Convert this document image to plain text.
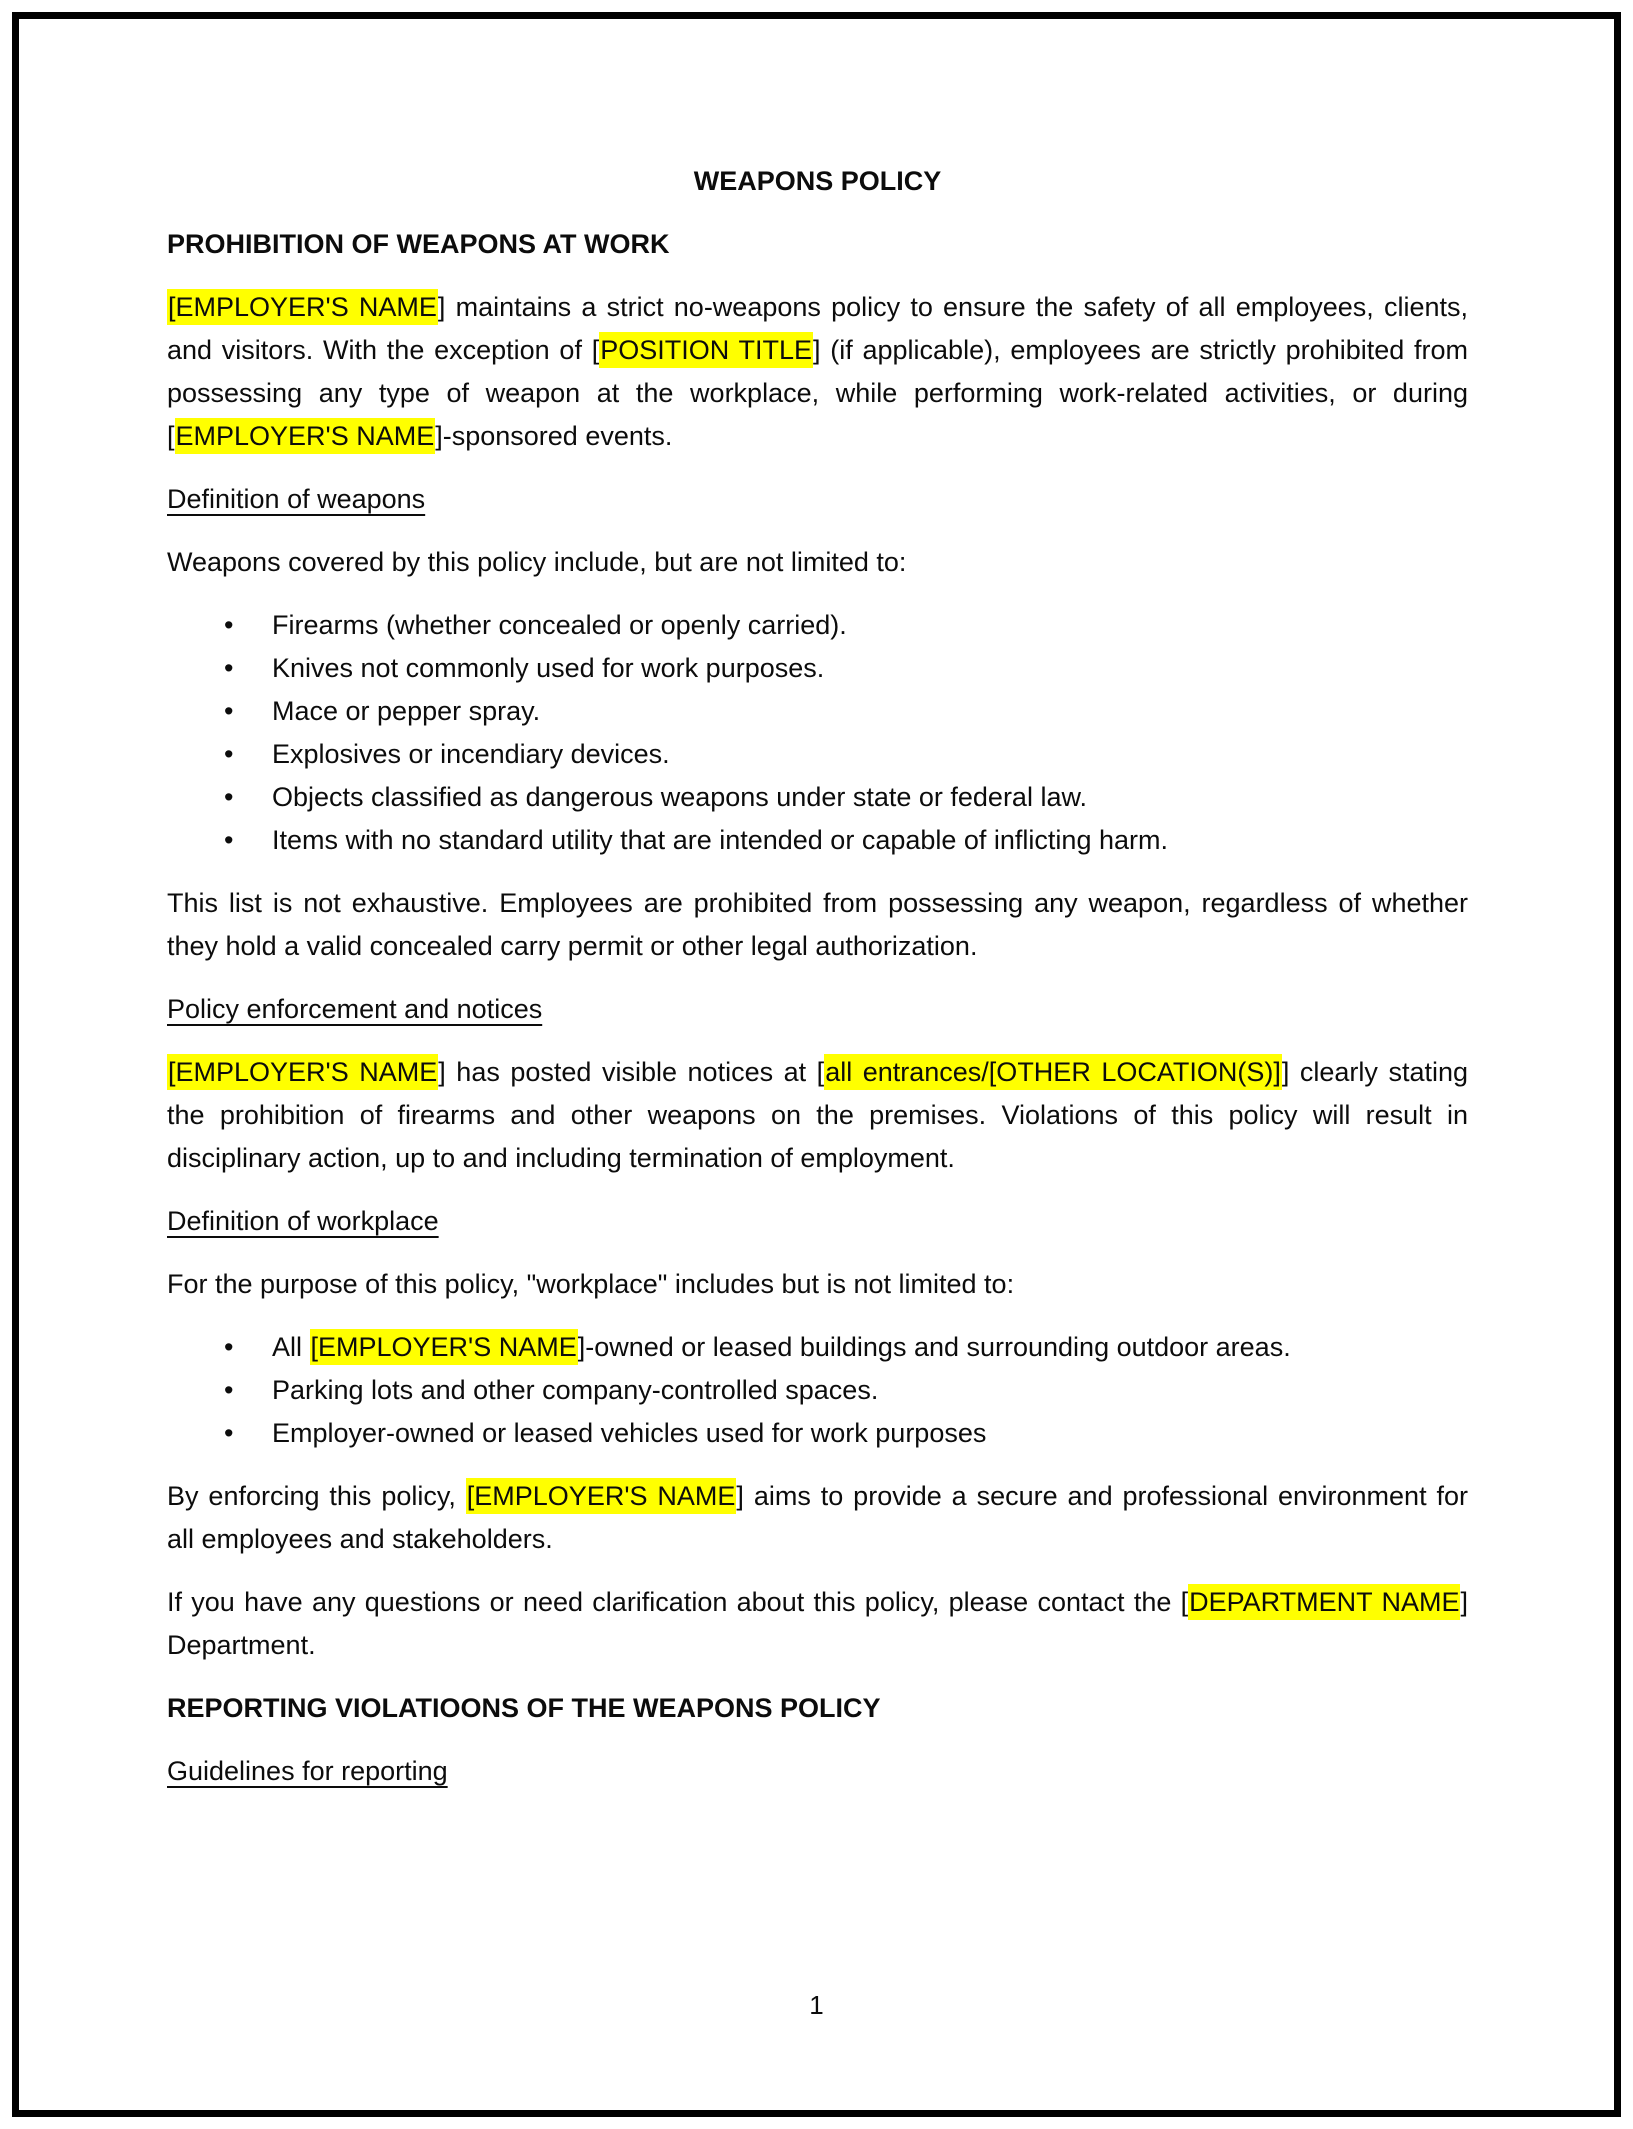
WEAPONS POLICY

PROHIBITION OF WEAPONS AT WORK

[EMPLOYER'S NAME] maintains a strict no-weapons policy to ensure the safety of all employees, clients, and visitors. With the exception of [POSITION TITLE] (if applicable), employees are strictly prohibited from possessing any type of weapon at the workplace, while performing work-related activities, or during [EMPLOYER'S NAME]-sponsored events.

Definition of weapons

Weapons covered by this policy include, but are not limited to:

• Firearms (whether concealed or openly carried).
• Knives not commonly used for work purposes.
• Mace or pepper spray.
• Explosives or incendiary devices.
• Objects classified as dangerous weapons under state or federal law.
• Items with no standard utility that are intended or capable of inflicting harm.

This list is not exhaustive. Employees are prohibited from possessing any weapon, regardless of whether they hold a valid concealed carry permit or other legal authorization.

Policy enforcement and notices

[EMPLOYER'S NAME] has posted visible notices at [all entrances/[OTHER LOCATION(S)]] clearly stating the prohibition of firearms and other weapons on the premises. Violations of this policy will result in disciplinary action, up to and including termination of employment.

Definition of workplace

For the purpose of this policy, "workplace" includes but is not limited to:

• All [EMPLOYER'S NAME]-owned or leased buildings and surrounding outdoor areas.
• Parking lots and other company-controlled spaces.
• Employer-owned or leased vehicles used for work purposes

By enforcing this policy, [EMPLOYER'S NAME] aims to provide a secure and professional environment for all employees and stakeholders.

If you have any questions or need clarification about this policy, please contact the [DEPARTMENT NAME] Department.

REPORTING VIOLATIOONS OF THE WEAPONS POLICY

Guidelines for reporting

1
